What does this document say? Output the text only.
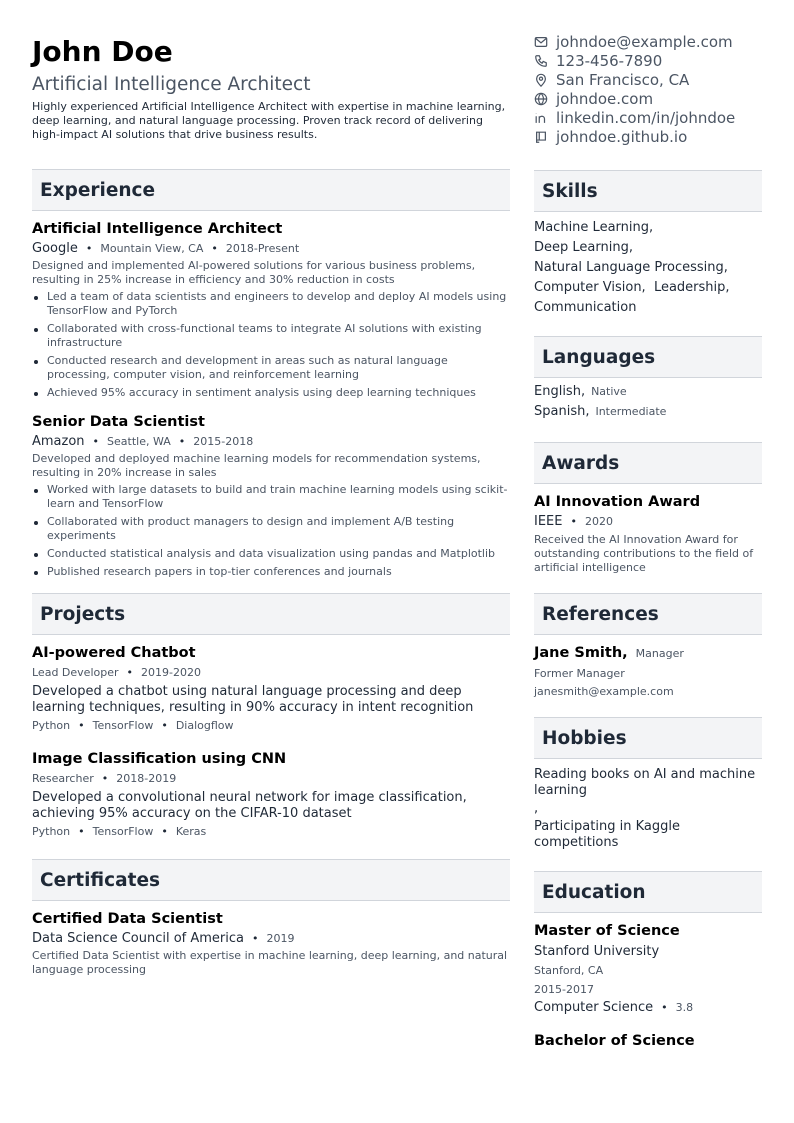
John Doe
Artificial Intelligence Architect
Highly experienced Artificial Intelligence Architect with expertise in machine learning, deep learning, and natural language processing. Proven track record of delivering high-impact AI solutions that drive business results.
Experience
Artificial Intelligence Architect
Google • Mountain View, CA • 2018-Present
Designed and implemented AI-powered solutions for various business problems, resulting in 25% increase in efficiency and 30% reduction in costs
Led a team of data scientists and engineers to develop and deploy AI models using TensorFlow and PyTorch
Collaborated with cross-functional teams to integrate AI solutions with existing infrastructure
Conducted research and development in areas such as natural language processing, computer vision, and reinforcement learning
Achieved 95% accuracy in sentiment analysis using deep learning techniques
Senior Data Scientist
Amazon • Seattle, WA • 2015-2018
Developed and deployed machine learning models for recommendation systems, resulting in 20% increase in sales
Worked with large datasets to build and train machine learning models using scikit-learn and TensorFlow
Collaborated with product managers to design and implement A/B testing experiments
Conducted statistical analysis and data visualization using pandas and Matplotlib
Published research papers in top-tier conferences and journals
Projects
AI-powered Chatbot
Lead Developer • 2019-2020
Developed a chatbot using natural language processing and deep learning techniques, resulting in 90% accuracy in intent recognition
Python • TensorFlow • Dialogflow
Image Classification using CNN
Researcher • 2018-2019
Developed a convolutional neural network for image classification, achieving 95% accuracy on the CIFAR-10 dataset
Python • TensorFlow • Keras
Certificates
Certified Data Scientist
Data Science Council of America • 2019
Certified Data Scientist with expertise in machine learning, deep learning, and natural language processing
johndoe@example.com
123-456-7890
San Francisco, CA
johndoe.com
linkedin.com/in/johndoe
johndoe.github.io
Skills
Machine Learning,
Deep Learning,
Natural Language Processing,
Computer Vision,  Leadership,
Communication
Languages
English, Native
Spanish, Intermediate
Awards
AI Innovation Award
IEEE • 2020
Received the AI Innovation Award for outstanding contributions to the field of artificial intelligence
References
Jane Smith, Manager
Former Manager
janesmith@example.com
Hobbies
Reading books on AI and machine learning
,
Participating in Kaggle competitions
Education
Master of Science
Stanford University
Stanford, CA
2015-2017
Computer Science • 3.8
Bachelor of Science
